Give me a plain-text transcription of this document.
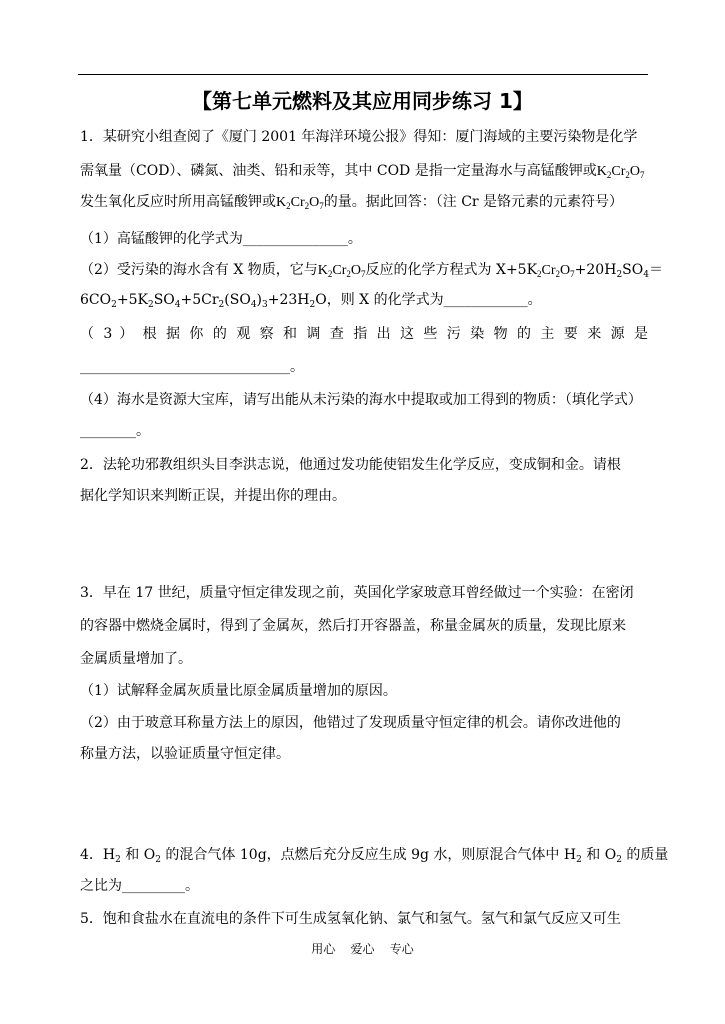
【第七单元燃料及其应用同步练习 1】
1．某研究小组查阅了《厦门 2001 年海洋环境公报》得知：厦门海域的主要污染物是化学
需氧量（COD）、磷氮、油类、铅和汞等，其中 COD 是指一定量海水与高锰酸钾或$K_2Cr_2O_7$
发生氧化反应时所用高锰酸钾或$K_2Cr_2O_7$的量。据此回答：（注 Cr 是铬元素的元素符号）
（1）高锰酸钾的化学式为_______________。
（2）受污染的海水含有 X 物质，它与$K_2Cr_2O_7$反应的化学方程式为 $X+5K_2Cr_2O_7+20H_2SO_4=$
$6CO_2+5K_2SO_4+5Cr_2(SO_4)_3+23H_2O$，则 X 的化学式为____________。
（ 3 ） 根 据 你 的 观 察 和 调 查 指 出 这 些 污 染 物 的 主 要 来 源 是
______________________________。
（4）海水是资源大宝库，请写出能从未污染的海水中提取或加工得到的物质：（填化学式）
________。
2．法轮功邪教组织头目李洪志说，他通过发功能使铝发生化学反应，变成铜和金。请根
据化学知识来判断正误，并提出你的理由。
3．早在 17 世纪，质量守恒定律发现之前，英国化学家玻意耳曾经做过一个实验：在密闭
的容器中燃烧金属时，得到了金属灰，然后打开容器盖，称量金属灰的质量，发现比原来
金属质量增加了。
（1）试解释金属灰质量比原金属质量增加的原因。
（2）由于玻意耳称量方法上的原因，他错过了发现质量守恒定律的机会。请你改进他的
称量方法，以验证质量守恒定律。
4．$H_2$ 和 $O_2$ 的混合气体 10g，点燃后充分反应生成 9g 水，则原混合气体中 $H_2$ 和 $O_2$ 的质量
之比为_________。
5．饱和食盐水在直流电的条件下可生成氢氧化钠、氯气和氢气。氢气和氯气反应又可生
用心    爱心    专心
